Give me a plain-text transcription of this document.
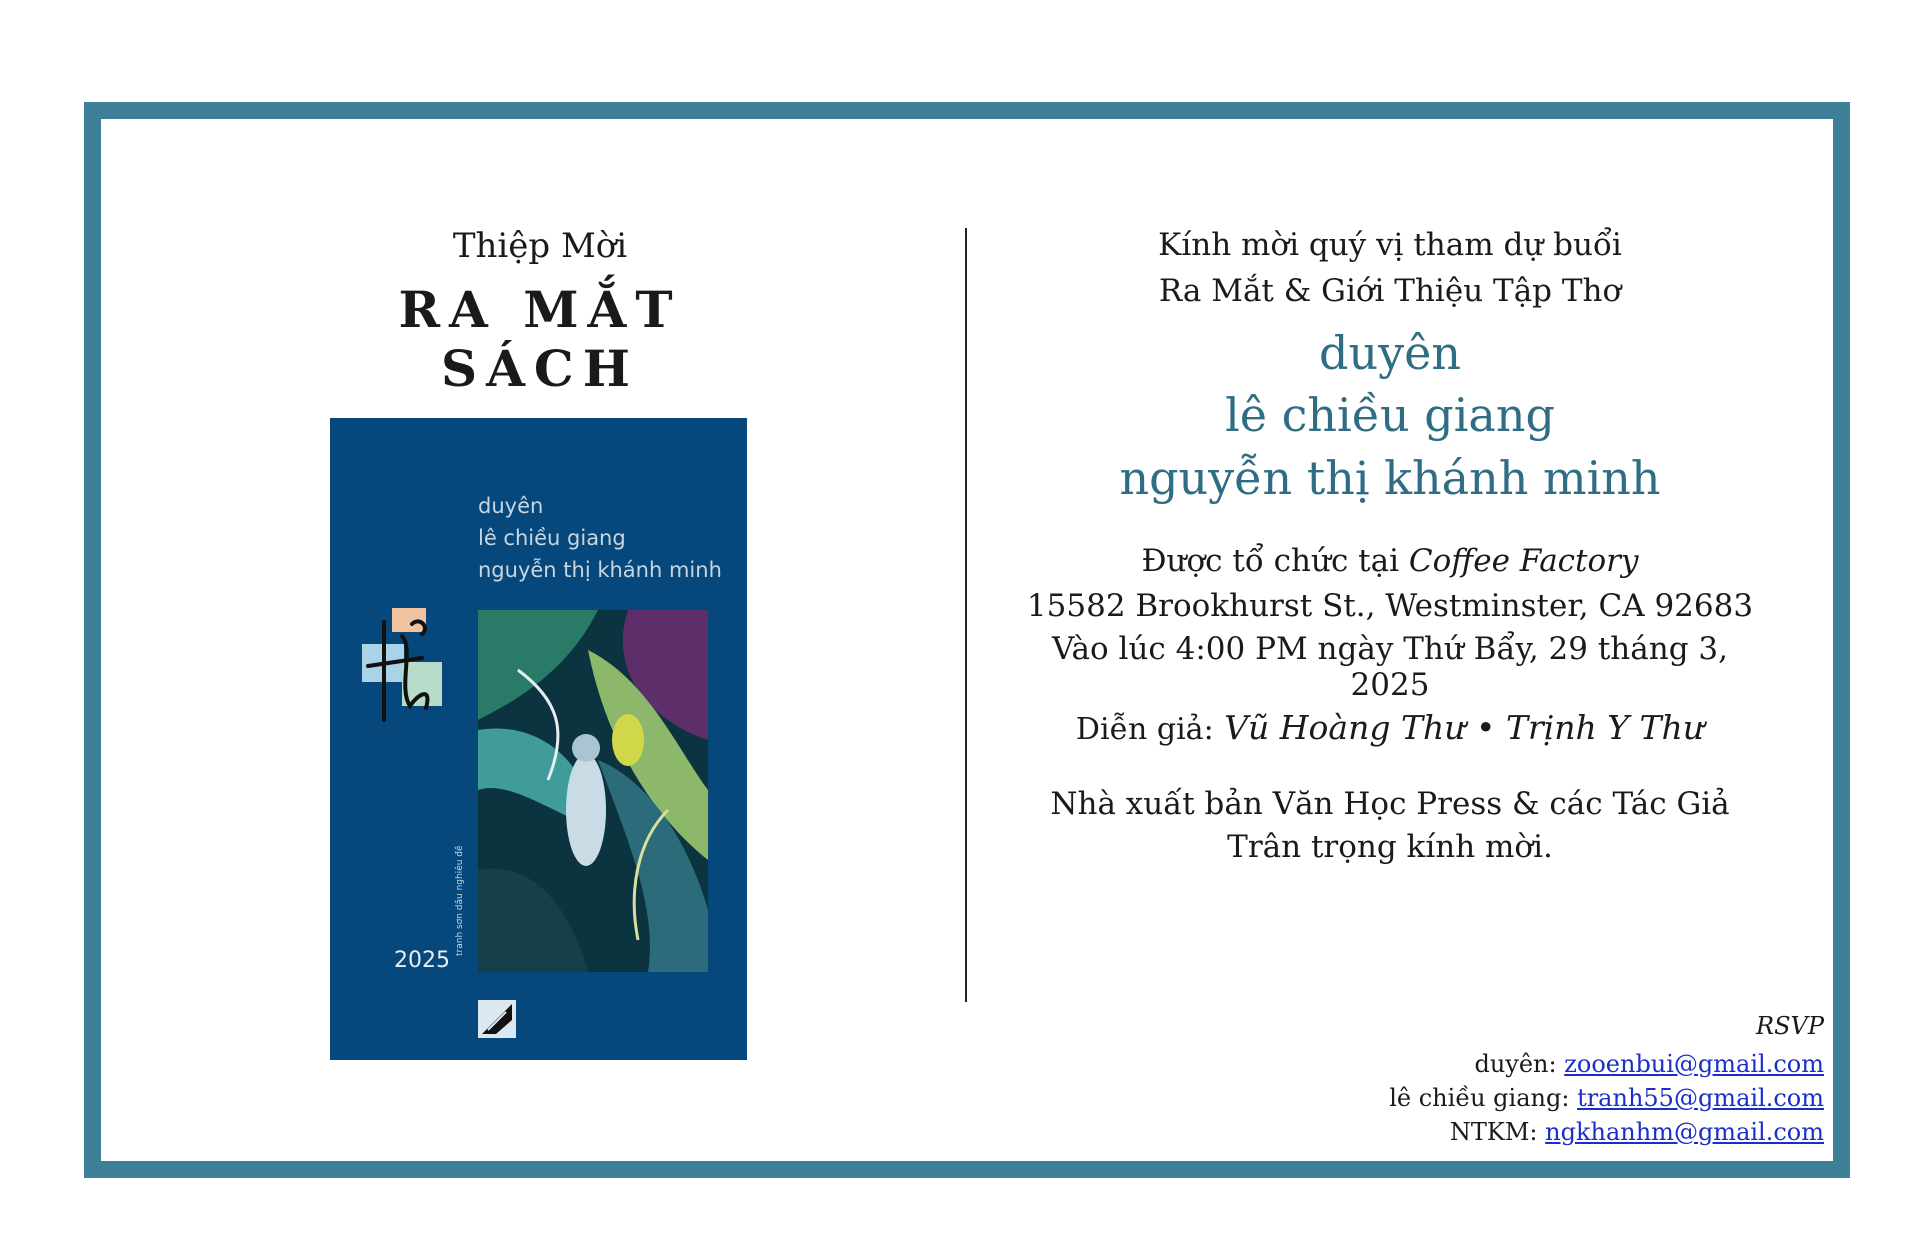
Thiệp Mời
RA MẮT SÁCH
duyên
lê chiều giang
nguyễn thị khánh minh
2025
tranh sơn dầu nghiêu đề
Kính mời quý vị tham dự buổi
Ra Mắt & Giới Thiệu Tập Thơ
duyên
lê chiều giang
nguyễn thị khánh minh
Được tổ chức tại Coffee Factory
15582 Brookhurst St., Westminster, CA 92683
Vào lúc 4:00 PM ngày Thứ Bẩy, 29 tháng 3, 2025
Diễn giả: Vũ Hoàng Thư • Trịnh Y Thư
Nhà xuất bản Văn Học Press & các Tác Giả
Trân trọng kính mời.
RSVP
duyên: zooenbui@gmail.com
lê chiều giang: tranh55@gmail.com
NTKM: ngkhanhm@gmail.com
